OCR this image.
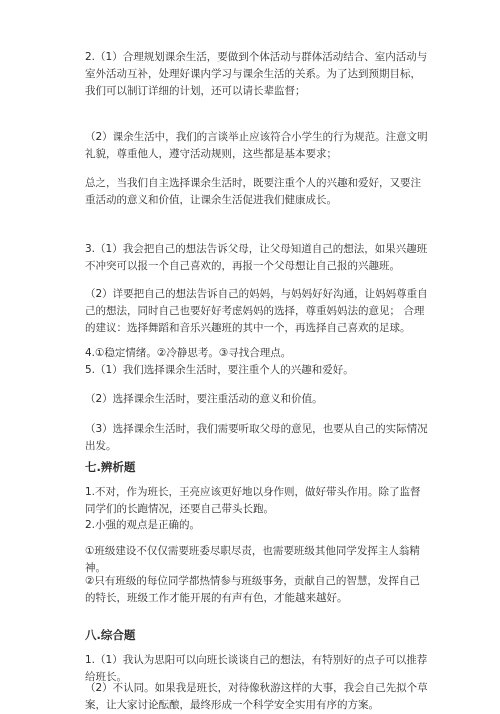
2.（1）合理规划课余生活，要做到个体活动与群体活动结合、室内活动与室外活动互补，处理好课内学习与课余生活的关系。为了达到预期目标，我们可以制订详细的计划，还可以请长辈监督；

（2）课余生活中，我们的言谈举止应该符合小学生的行为规范。注意文明礼貌，尊重他人，遵守活动规则，这些都是基本要求；

总之，当我们自主选择课余生活时，既要注重个人的兴趣和爱好，又要注重活动的意义和价值，让课余生活促进我们健康成长。

3.（1）我会把自己的想法告诉父母，让父母知道自己的想法，如果兴趣班不冲突可以报一个自己喜欢的，再报一个父母想让自己报的兴趣班。

（2）详要把自己的想法告诉自己的妈妈，与妈妈好好沟通，让妈妈尊重自己的想法，同时自己也要好好考虑妈妈的选择，尊重妈妈法的意见； 合理的建议：选择舞蹈和音乐兴趣班的其中一个，再选择自己喜欢的足球。

4.①稳定情绪。②冷静思考。③寻找合理点。

5.（1）我们选择课余生活时，要注重个人的兴趣和爱好。

（2）选择课余生活时，要注重活动的意义和价值。

（3）选择课余生活时，我们需要听取父母的意见，也要从自己的实际情况出发。

七.辨析题

1.不对，作为班长，王亮应该更好地以身作则，做好带头作用。除了监督同学们的长跑情况，还要自己带头长跑。

2.小强的观点是正确的。

①班级建设不仅仅需要班委尽职尽责，也需要班级其他同学发挥主人翁精神。

②只有班级的每位同学都热情参与班级事务，贡献自己的智慧，发挥自己的特长，班级工作才能开展的有声有色，才能越来越好。

八.综合题

1.（1）我认为思阳可以向班长谈谈自己的想法，有特别好的点子可以推荐给班长。

（2）不认同。如果我是班长，对待像秋游这样的大事，我会自己先拟个草案，让大家讨论酝酿，最终形成一个科学安全实用有序的方案。
